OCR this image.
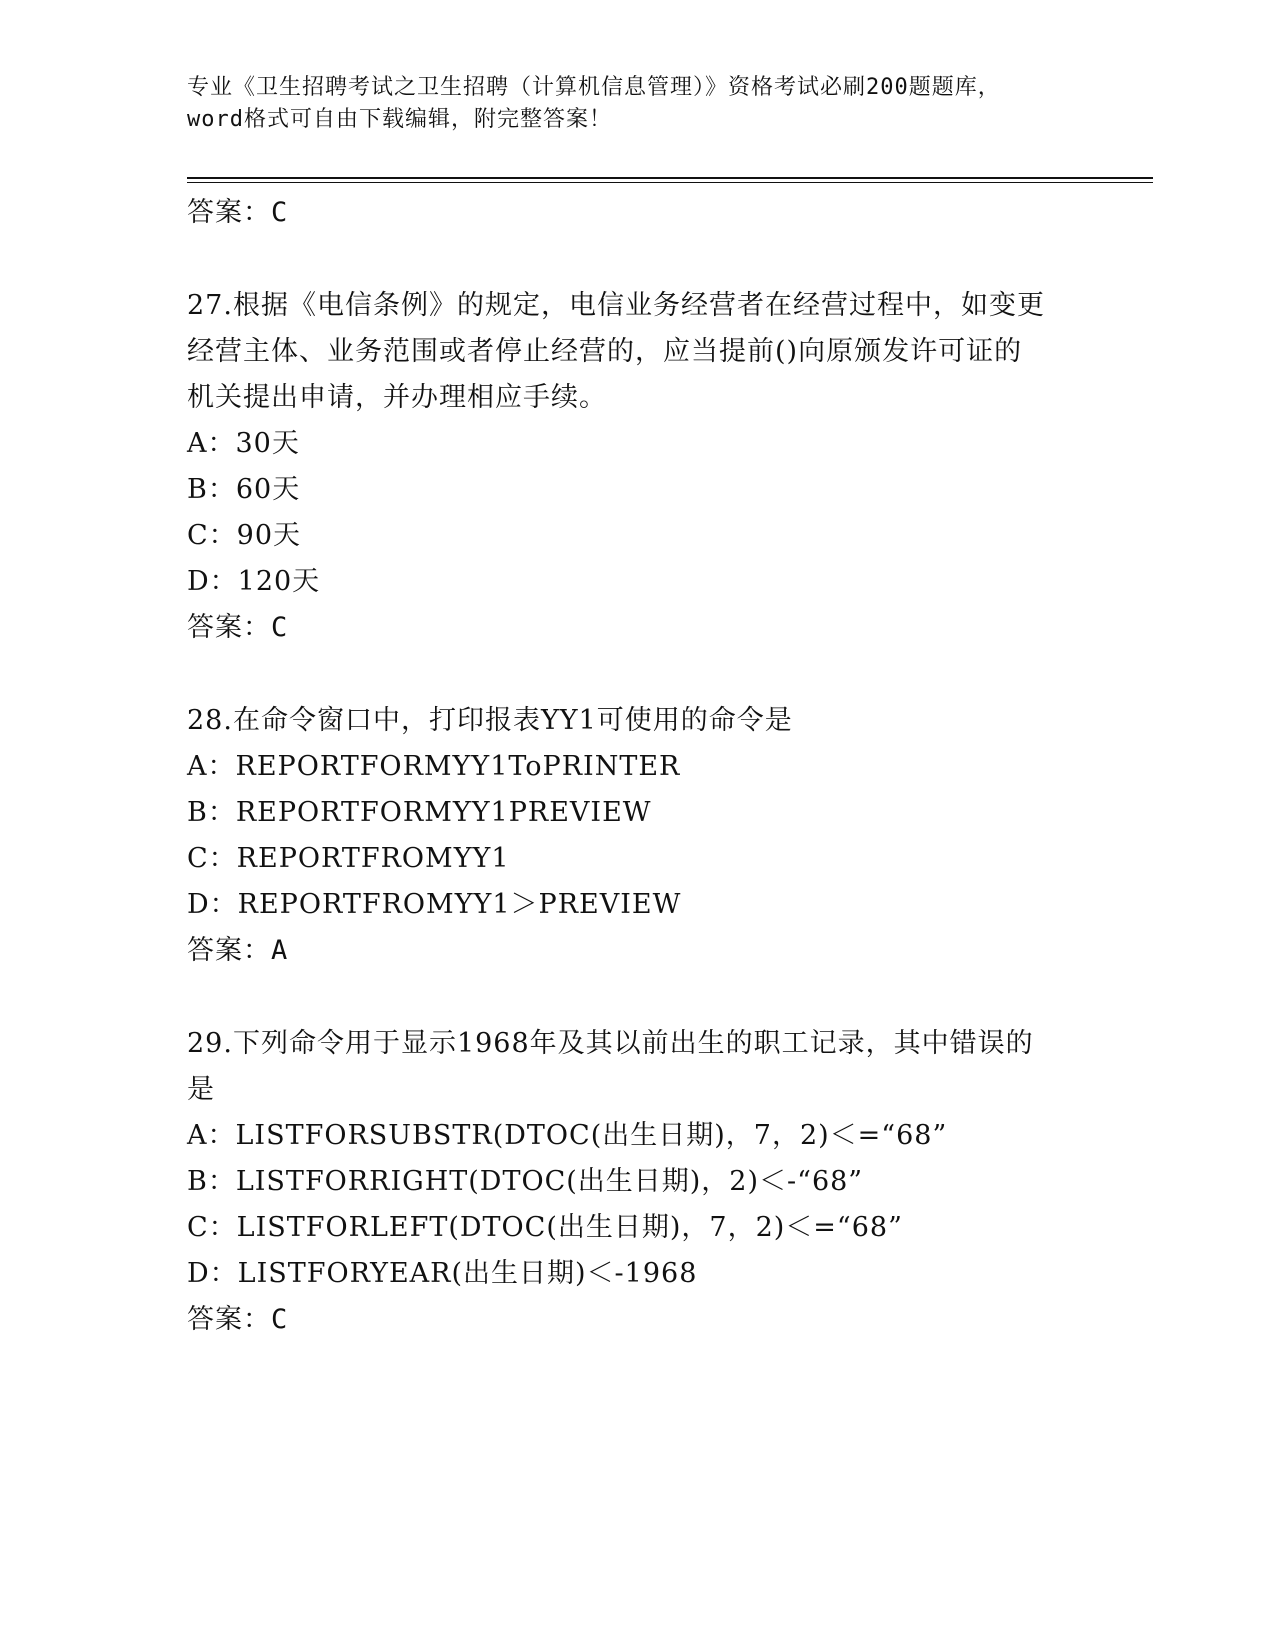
专业《卫生招聘考试之卫生招聘（计算机信息管理）》资格考试必刷200题题库，
word格式可自由下载编辑，附完整答案！
答案：C
27.根据《电信条例》的规定，电信业务经营者在经营过程中，如变更
经营主体、业务范围或者停止经营的，应当提前()向原颁发许可证的
机关提出申请，并办理相应手续。
A：30天
B：60天
C：90天
D：120天
答案：C
28.在命令窗口中，打印报表YY1可使用的命令是
A：REPORTFORMYY1ToPRINTER
B：REPORTFORMYY1PREVIEW
C：REPORTFROMYY1
D：REPORTFROMYY1＞PREVIEW
答案：A
29.下列命令用于显示1968年及其以前出生的职工记录，其中错误的
是
A：LISTFORSUBSTR(DTOC(出生日期)，7，2)＜=“68”
B：LISTFORRIGHT(DTOC(出生日期)，2)＜-“68”
C：LISTFORLEFT(DTOC(出生日期)，7，2)＜=“68”
D：LISTFORYEAR(出生日期)＜-1968
答案：C
